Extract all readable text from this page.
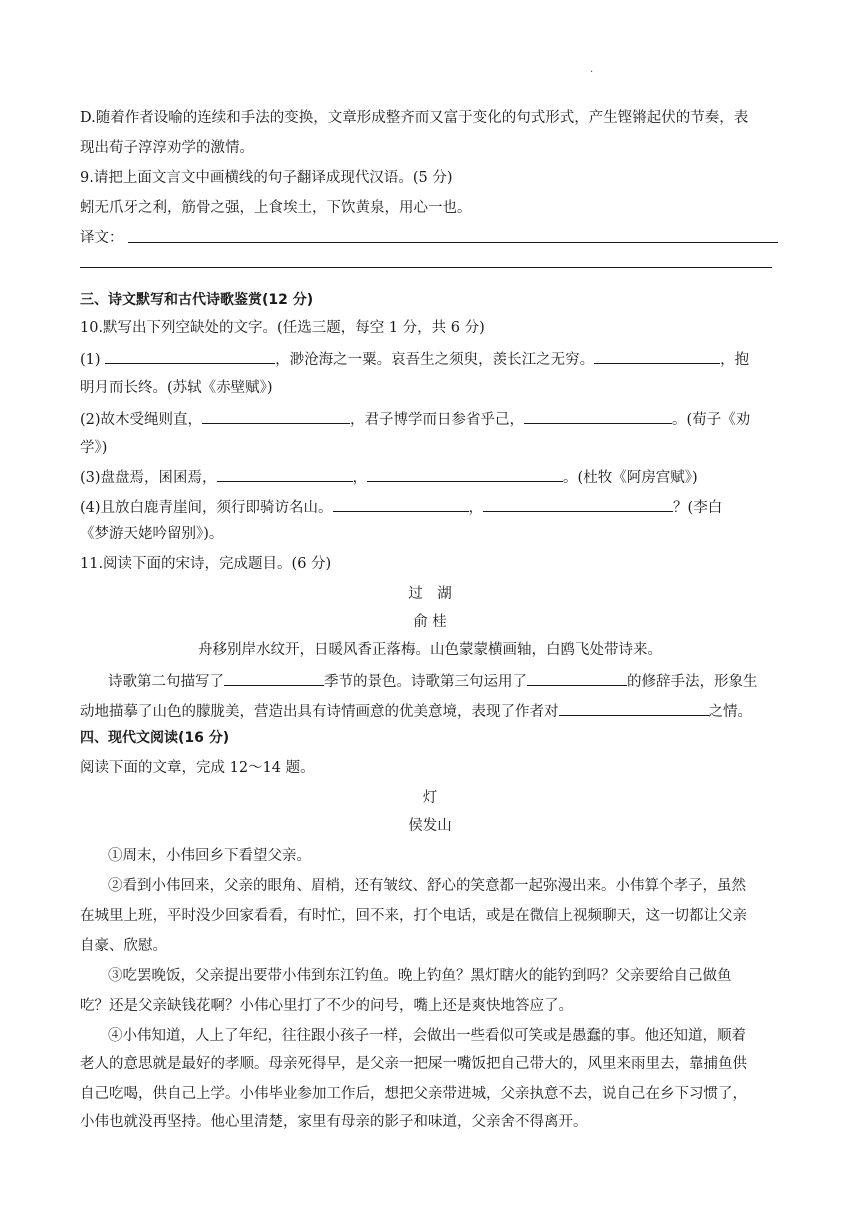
.
D.随着作者设喻的连续和手法的变换，文章形成整齐而又富于变化的句式形式，产生铿锵起伏的节奏，表
现出荀子淳淳劝学的激情。
9.请把上面文言文中画横线的句子翻译成现代汉语。(5 分)
蚓无爪牙之利，筋骨之强，上食埃土，下饮黄泉，用心一也。
译文：
三、诗文默写和古代诗歌鉴赏(12 分)
10.默写出下列空缺处的文字。(任选三题，每空 1 分，共 6 分)
(1)	，渺沧海之一粟。哀吾生之须臾，羡长江之无穷。	，抱
明月而长终。(苏轼《赤壁赋》)
(2)故木受绳则直，	，君子博学而日参省乎己，	。(荀子《劝
学》)
(3)盘盘焉，囷囷焉，	，	。(杜牧《阿房宫赋》)
(4)且放白鹿青崖间，须行即骑访名山。	，	？(李白
《梦游天姥吟留别》)。
11.阅读下面的宋诗，完成题目。(6 分)
过　湖
俞 桂
舟移别岸水纹开，日暖风香正落梅。山色蒙蒙横画轴，白鸥飞处带诗来。
诗歌第二句描写了	季节的景色。诗歌第三句运用了	的修辞手法，形象生
动地描摹了山色的朦胧美，营造出具有诗情画意的优美意境，表现了作者对	之情。
四、现代文阅读(16 分)
阅读下面的文章，完成 12～14 题。
灯
侯发山
①周末，小伟回乡下看望父亲。
②看到小伟回来，父亲的眼角、眉梢，还有皱纹、舒心的笑意都一起弥漫出来。小伟算个孝子，虽然
在城里上班，平时没少回家看看，有时忙，回不来，打个电话，或是在微信上视频聊天，这一切都让父亲
自豪、欣慰。
③吃罢晚饭，父亲提出要带小伟到东江钓鱼。晚上钓鱼？黑灯瞎火的能钓到吗？父亲要给自己做鱼
吃？还是父亲缺钱花啊？小伟心里打了不少的问号，嘴上还是爽快地答应了。
④小伟知道，人上了年纪，往往跟小孩子一样，会做出一些看似可笑或是愚蠢的事。他还知道，顺着
老人的意思就是最好的孝顺。母亲死得早，是父亲一把屎一嘴饭把自己带大的，风里来雨里去，靠捕鱼供
自己吃喝，供自己上学。小伟毕业参加工作后，想把父亲带进城，父亲执意不去，说自己在乡下习惯了，
小伟也就没再坚持。他心里清楚，家里有母亲的影子和味道，父亲舍不得离开。
